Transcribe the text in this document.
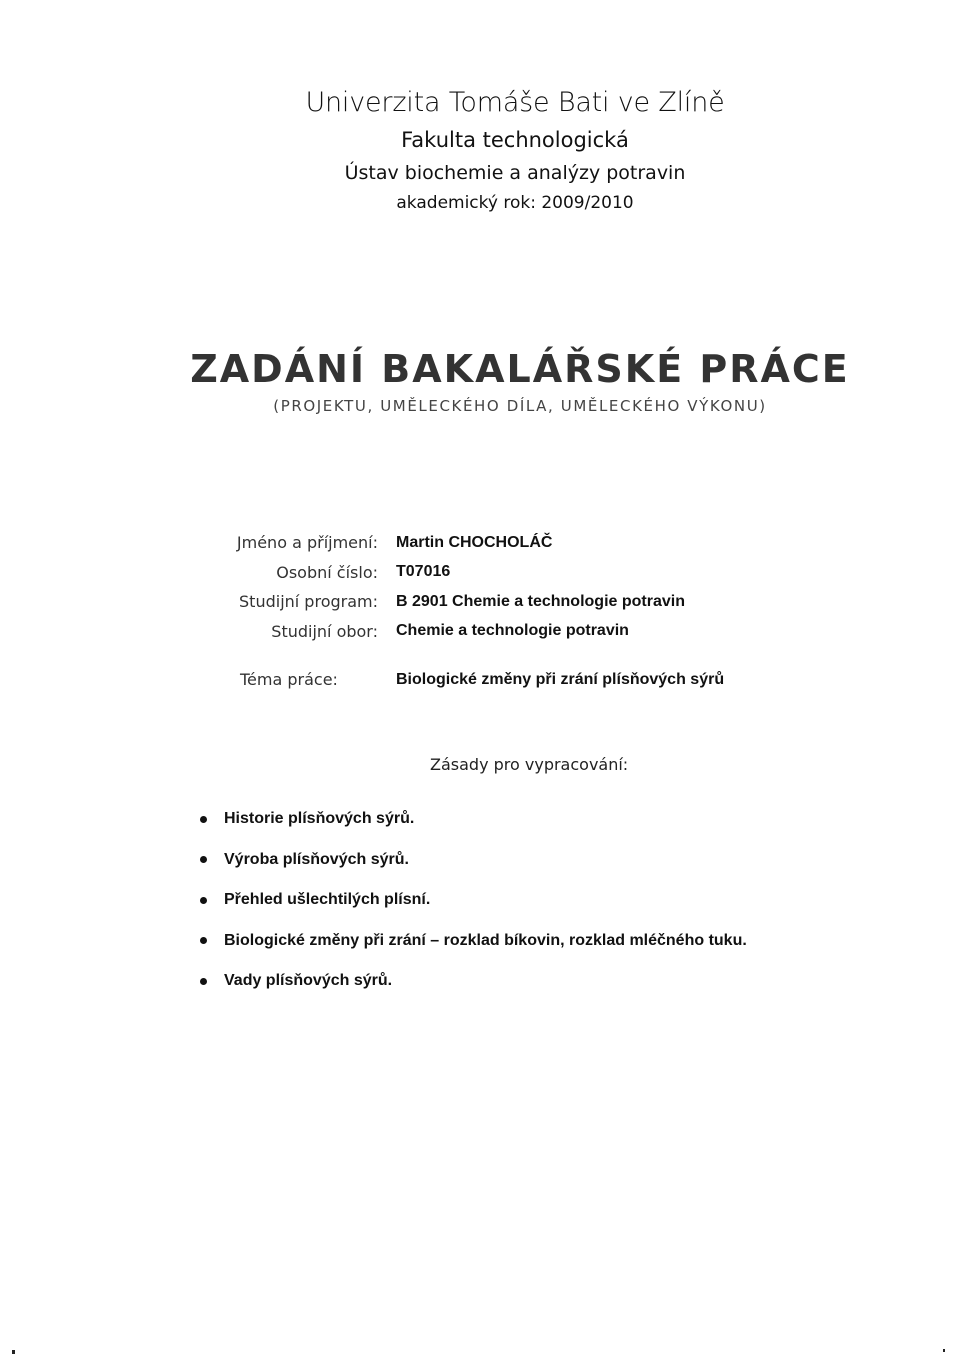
Univerzita Tomáše Bati ve Zlíně
Fakulta technologická
Ústav biochemie a analýzy potravin
akademický rok: 2009/2010
ZADÁNÍ BAKALÁŘSKÉ PRÁCE
(PROJEKTU, UMĚLECKÉHO DÍLA, UMĚLECKÉHO VÝKONU)
Jméno a příjmení: Martin CHOCHOLÁČ
Osobní číslo: T07016
Studijní program: B 2901 Chemie a technologie potravin
Studijní obor: Chemie a technologie potravin
Téma práce:	Biologické změny při zrání plísňových sýrů
Zásady pro vypracování:
Historie plísňových sýrů.
Výroba plísňových sýrů.
Přehled ušlechtilých plísní.
Biologické změny při zrání – rozklad bíkovin, rozklad mléčného tuku.
Vady plísňových sýrů.
